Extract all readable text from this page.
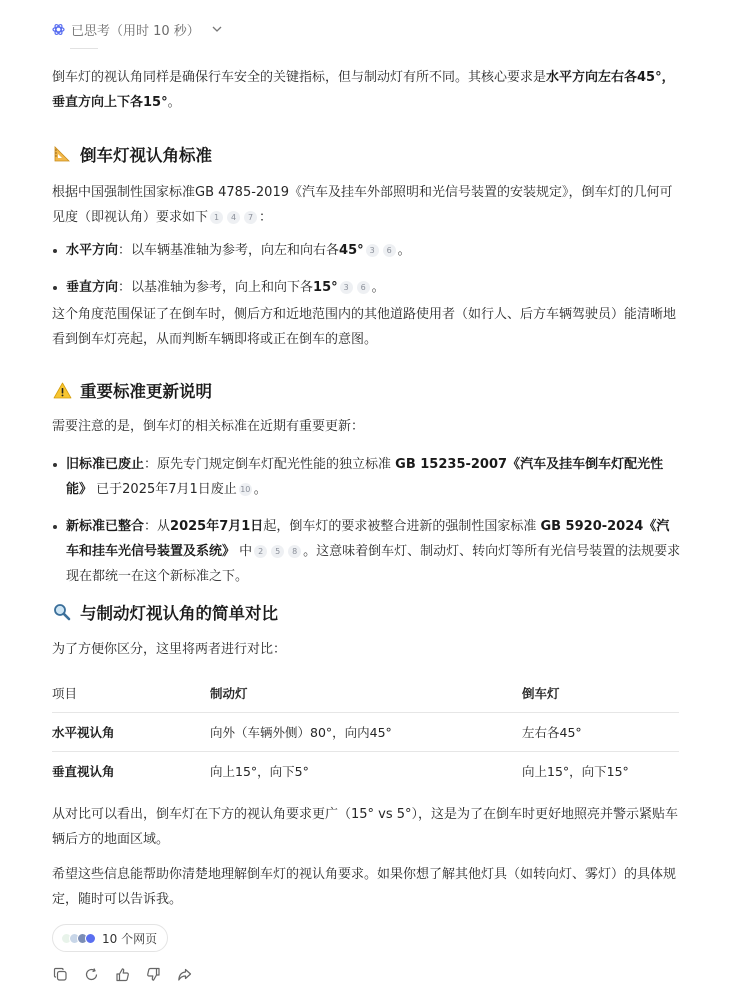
已思考（用时 10 秒）

倒车灯的视认角同样是确保行车安全的关键指标，但与制动灯有所不同。其核心要求是水平方向左右各45°，垂直方向上下各15°。

倒车灯视认角标准

根据中国强制性国家标准GB 4785-2019《汽车及挂车外部照明和光信号装置的安装规定》，倒车灯的几何可见度（即视认角）要求如下 1 4 7 ：

水平方向：以车辆基准轴为参考，向左和向右各45° 3 6 。
垂直方向：以基准轴为参考，向上和向下各15° 3 6 。

这个角度范围保证了在倒车时，侧后方和近地范围内的其他道路使用者（如行人、后方车辆驾驶员）能清晰地看到倒车灯亮起，从而判断车辆即将或正在倒车的意图。

重要标准更新说明

需要注意的是，倒车灯的相关标准在近期有重要更新：

旧标准已废止：原先专门规定倒车灯配光性能的独立标准 GB 15235-2007《汽车及挂车倒车灯配光性能》 已于2025年7月1日废止 10 。
新标准已整合：从2025年7月1日起，倒车灯的要求被整合进新的强制性国家标准 GB 5920-2024《汽车和挂车光信号装置及系统》 中 2 5 8 。这意味着倒车灯、制动灯、转向灯等所有光信号装置的法规要求现在都统一在这个新标准之下。
与制动灯视认角的简单对比

为了方便你区分，这里将两者进行对比：

项目	制动灯	倒车灯
水平视认角	向外（车辆外侧）80°，向内45°	左右各45°
垂直视认角	向上15°，向下5°	向上15°，向下15°

从对比可以看出，倒车灯在下方的视认角要求更广（15° vs 5°），这是为了在倒车时更好地照亮并警示紧贴车辆后方的地面区域。

希望这些信息能帮助你清楚地理解倒车灯的视认角要求。如果你想了解其他灯具（如转向灯、雾灯）的具体规定，随时可以告诉我。

10 个网页
